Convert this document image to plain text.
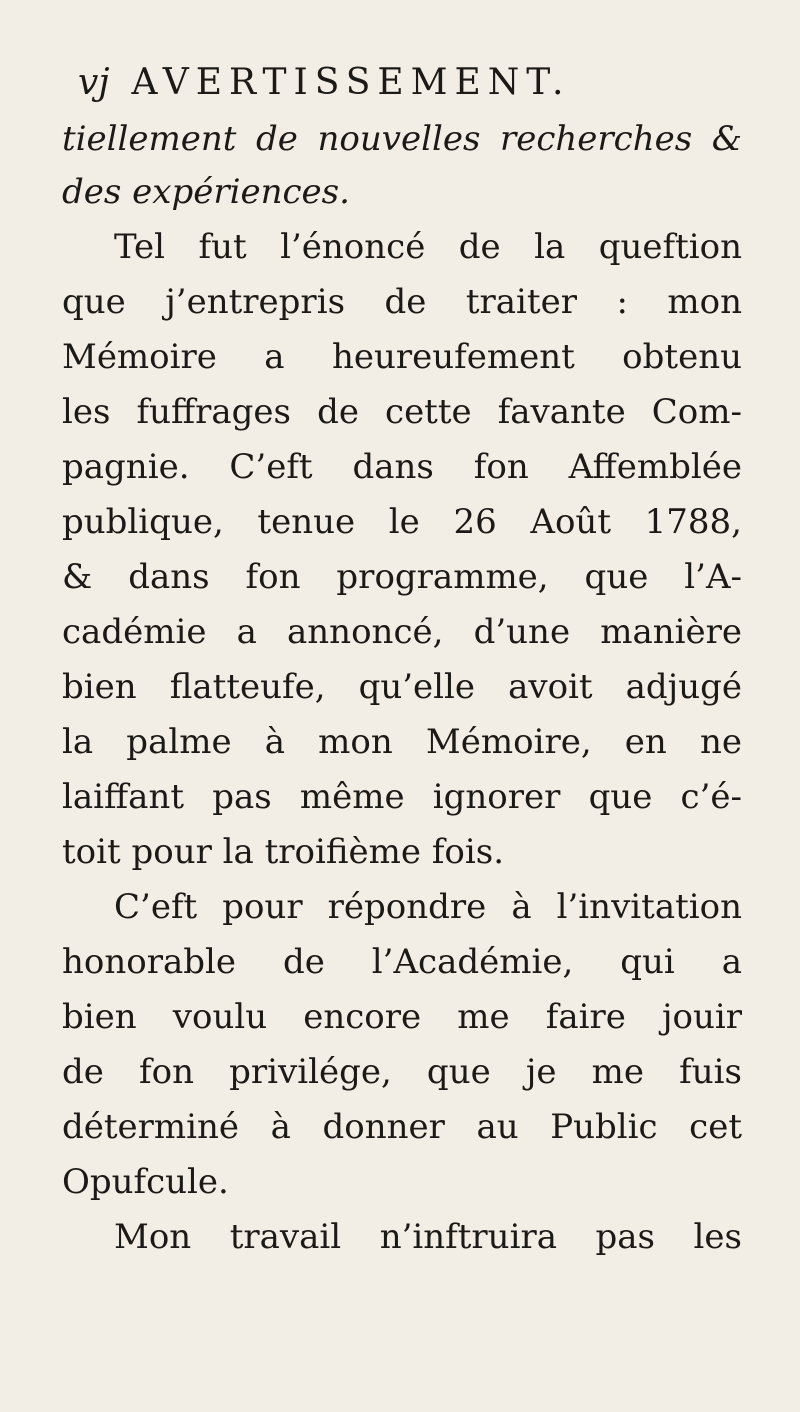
vj AVERTISSEMENT.
tiellement de nouvelles recherches &
des expériences.
Tel fut l’énoncé de la queftion
que j’entrepris de traiter : mon
Mémoire a heureufement obtenu
les fuffrages de cette favante Com-
pagnie. C’eft dans fon Affemblée
publique, tenue le 26 Août 1788,
& dans fon programme, que l’A-
cadémie a annoncé, d’une manière
bien flatteufe, qu’elle avoit adjugé
la palme à mon Mémoire, en ne
laiffant pas même ignorer que c’é-
toit pour la troifième fois.
C’eft pour répondre à l’invitation
honorable de l’Académie, qui a
bien voulu encore me faire jouir
de fon privilége, que je me fuis
déterminé à donner au Public cet
Opufcule.
Mon travail n’inftruira pas les
